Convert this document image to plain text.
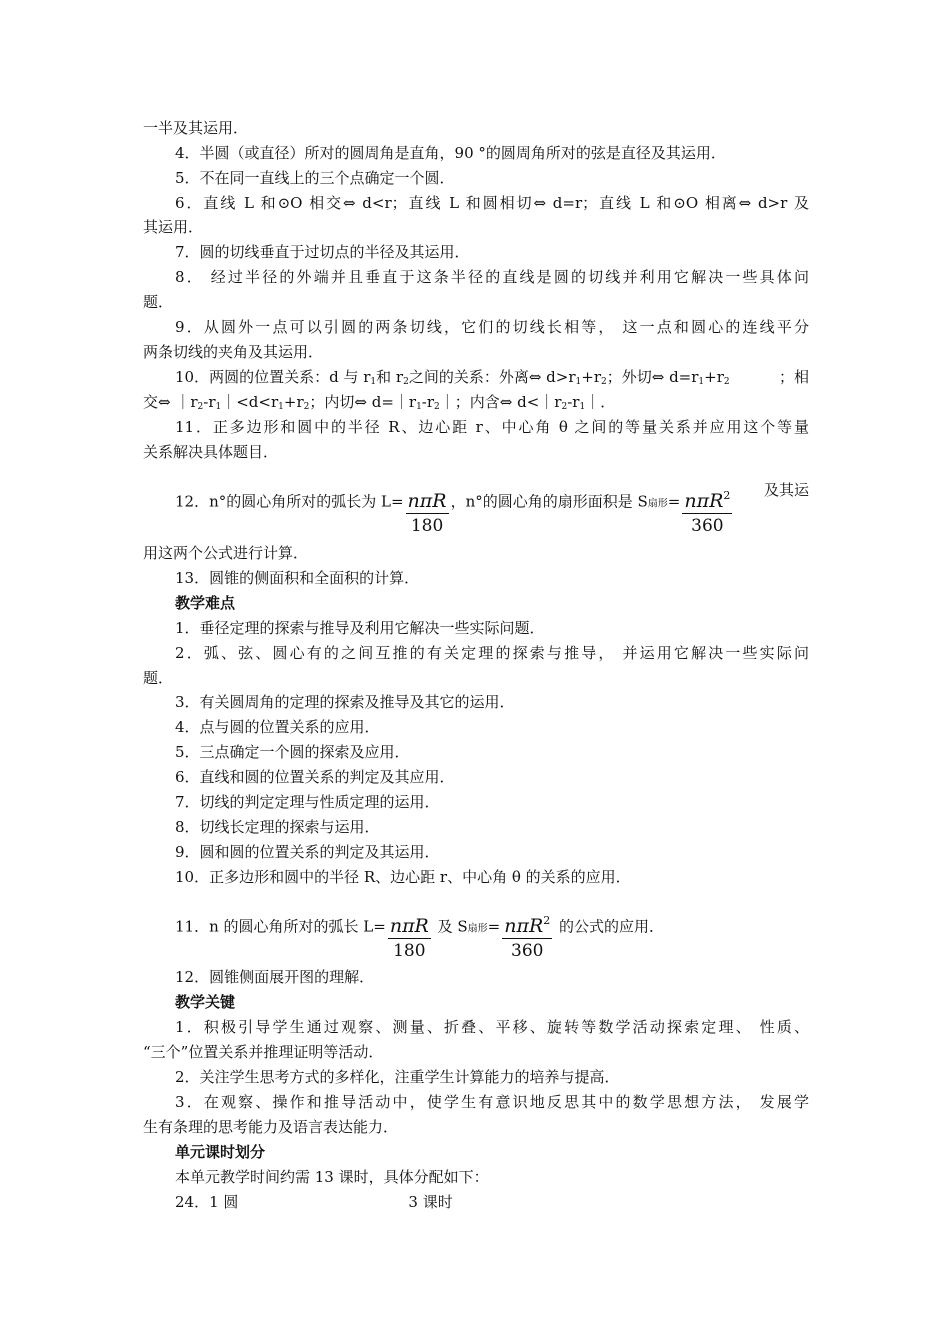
一半及其运用．
4．半圆（或直径）所对的圆周角是直角，90 °的圆周角所对的弦是直径及其运用．
5．不在同一直线上的三个点确定一个圆．
6．直线 L 和⊙O 相交⇔ d<r；直线 L 和圆相切⇔ d=r；直线 L 和⊙O 相离⇔ d>r 及
其运用．
7．圆的切线垂直于过切点的半径及其运用．
8． 经过半径的外端并且垂直于这条半径的直线是圆的切线并利用它解决一些具体问
题．
9．从圆外一点可以引圆的两条切线，它们的切线长相等， 这一点和圆心的连线平分
两条切线的夹角及其运用．
10．两圆的位置关系：d 与 $r_1$和 $r_2$之间的关系：外离⇔ $d>r_1+r_2$；外切⇔ $d=r_1+r_2$	；相
交⇔ $|r_2-r_1|<d<r_1+r_2$；内切⇔ $d=|r_1-r_2|$；内含⇔ $d<|r_2-r_1|$．
11．正多边形和圆中的半径 R、边心距 r、中心角 θ 之间的等量关系并应用这个等量
关系解决具体题目．
12．n°的圆心角所对的弧长为 $L= \frac{\text{nπR}}{180}$ ，n°的圆心角的扇形面积是 S扇形= $\frac{n\pi R^2}{360}$ 及其运
用这两个公式进行计算．
13．圆锥的侧面积和全面积的计算．
教学难点
1．垂径定理的探索与推导及利用它解决一些实际问题．
2．弧、弦、圆心有的之间互推的有关定理的探索与推导， 并运用它解决一些实际问
题．
3．有关圆周角的定理的探索及推导及其它的运用．
4．点与圆的位置关系的应用．
5．三点确定一个圆的探索及应用．
6．直线和圆的位置关系的判定及其应用．
7．切线的判定定理与性质定理的运用．
8．切线长定理的探索与运用．
9．圆和圆的位置关系的判定及其运用．
10．正多边形和圆中的半径 R、边心距 r、中心角 θ 的关系的应用．
11．n 的圆心角所对的弧长 $L= \frac{\text{nπR}}{180}$ 及 S扇形= $\frac{n\pi R^2}{360}$ 的公式的应用．
12．圆锥侧面展开图的理解．
教学关键
1．积极引导学生通过观察、测量、折叠、平移、旋转等数学活动探索定理、 性质、
“三个”位置关系并推理证明等活动．
2．关注学生思考方式的多样化，注重学生计算能力的培养与提高．
3．在观察、操作和推导活动中，使学生有意识地反思其中的数学思想方法， 发展学
生有条理的思考能力及语言表达能力．
单元课时划分
本单元教学时间约需 13 课时，具体分配如下：
24．1 圆	3 课时
